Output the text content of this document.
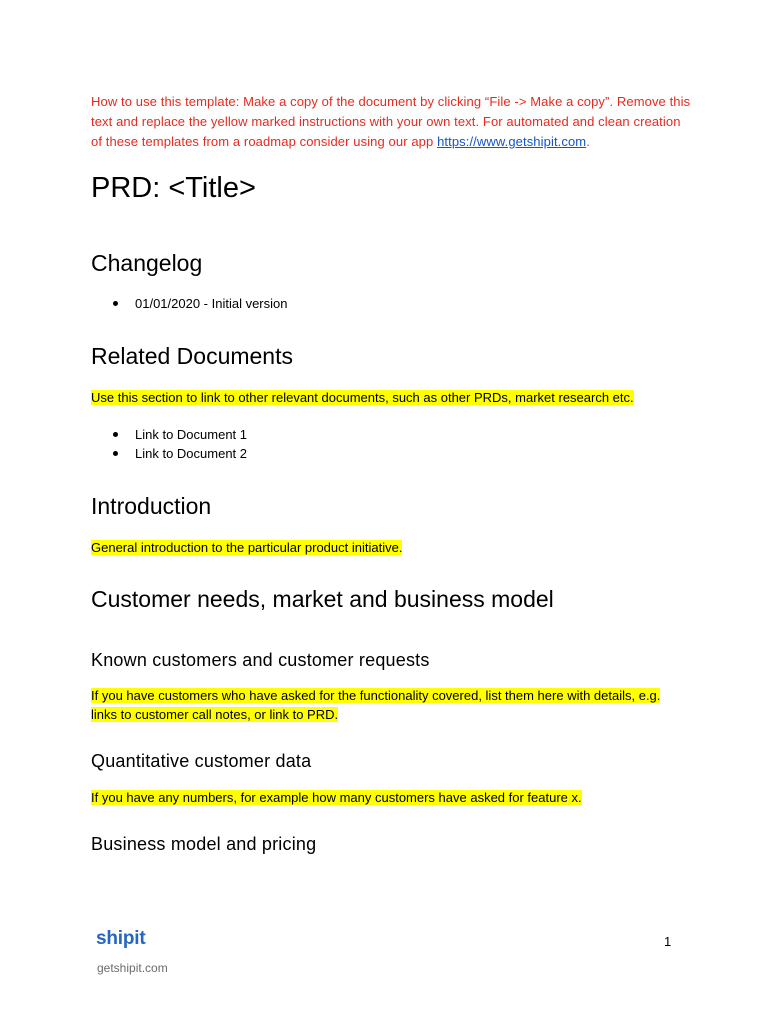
How to use this template: Make a copy of the document by clicking “File -> Make a copy”. Remove this text and replace the yellow marked instructions with your own text. For automated and clean creation of these templates from a roadmap consider using our app https://www.getshipit.com.
PRD: <Title>
Changelog
01/01/2020 - Initial version
Related Documents
Use this section to link to other relevant documents, such as other PRDs, market research etc.
Link to Document 1
Link to Document 2
Introduction
General introduction to the particular product initiative.
Customer needs, market and business model
Known customers and customer requests
If you have customers who have asked for the functionality covered, list them here with details, e.g. links to customer call notes, or link to PRD.
Quantitative customer data
If you have any numbers, for example how many customers have asked for feature x.
Business model and pricing
shipit
getshipit.com
1
